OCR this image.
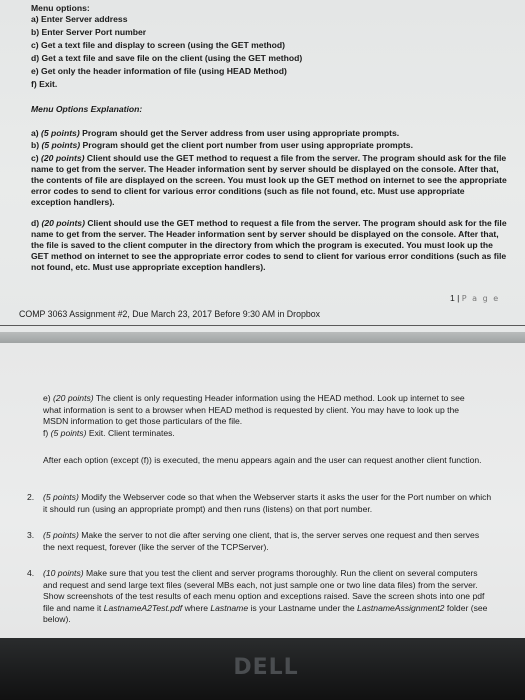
Menu options:
a) Enter Server address
b) Enter Server Port number
c) Get a text file and display to screen (using the GET method)
d) Get a text file and save file on the client (using the GET method)
e) Get only the header information of file (using HEAD Method)
f) Exit.
Menu Options Explanation:
a) (5 points) Program should get the Server address from user using appropriate prompts.
b) (5 points) Program should get the client port number from user using appropriate prompts.
c) (20 points) Client should use the GET method to request a file from the server. The program should ask for the file name to get from the server. The Header information sent by server should be displayed on the console. After that, the contents of file are displayed on the screen. You must look up the GET method on internet to see the appropriate error codes to send to client for various error conditions (such as file not found, etc. Must use appropriate exception handlers).
d) (20 points) Client should use the GET method to request a file from the server. The program should ask for the file name to get from the server. The Header information sent by server should be displayed on the console. After that, the file is saved to the client computer in the directory from which the program is executed. You must look up the GET method on internet to see the appropriate error codes to send to client for various error conditions (such as file not found, etc. Must use appropriate exception handlers).
1 | P a g e
COMP 3063 Assignment #2, Due March 23, 2017 Before 9:30 AM in Dropbox
e) (20 points) The client is only requesting Header information using the HEAD method. Look up internet to see what information is sent to a browser when HEAD method is requested by client. You may have to look up the MSDN information to get those particulars of the file.
f) (5 points) Exit. Client terminates.
After each option (except (f)) is executed, the menu appears again and the user can request another client function.
2. (5 points) Modify the Webserver code so that when the Webserver starts it asks the user for the Port number on which it should run (using an appropriate prompt) and then runs (listens) on that port number.
3. (5 points) Make the server to not die after serving one client, that is, the server serves one request and then serves the next request, forever (like the server of the TCPServer).
4. (10 points) Make sure that you test the client and server programs thoroughly. Run the client on several computers and request and send large text files (several MBs each, not just sample one or two line data files) from the server. Show screenshots of the test results of each menu option and exceptions raised. Save the screen shots into one pdf file and name it LastnameA2Test.pdf where Lastname is your Lastname under the LastnameAssignment2 folder (see below).
DELL
